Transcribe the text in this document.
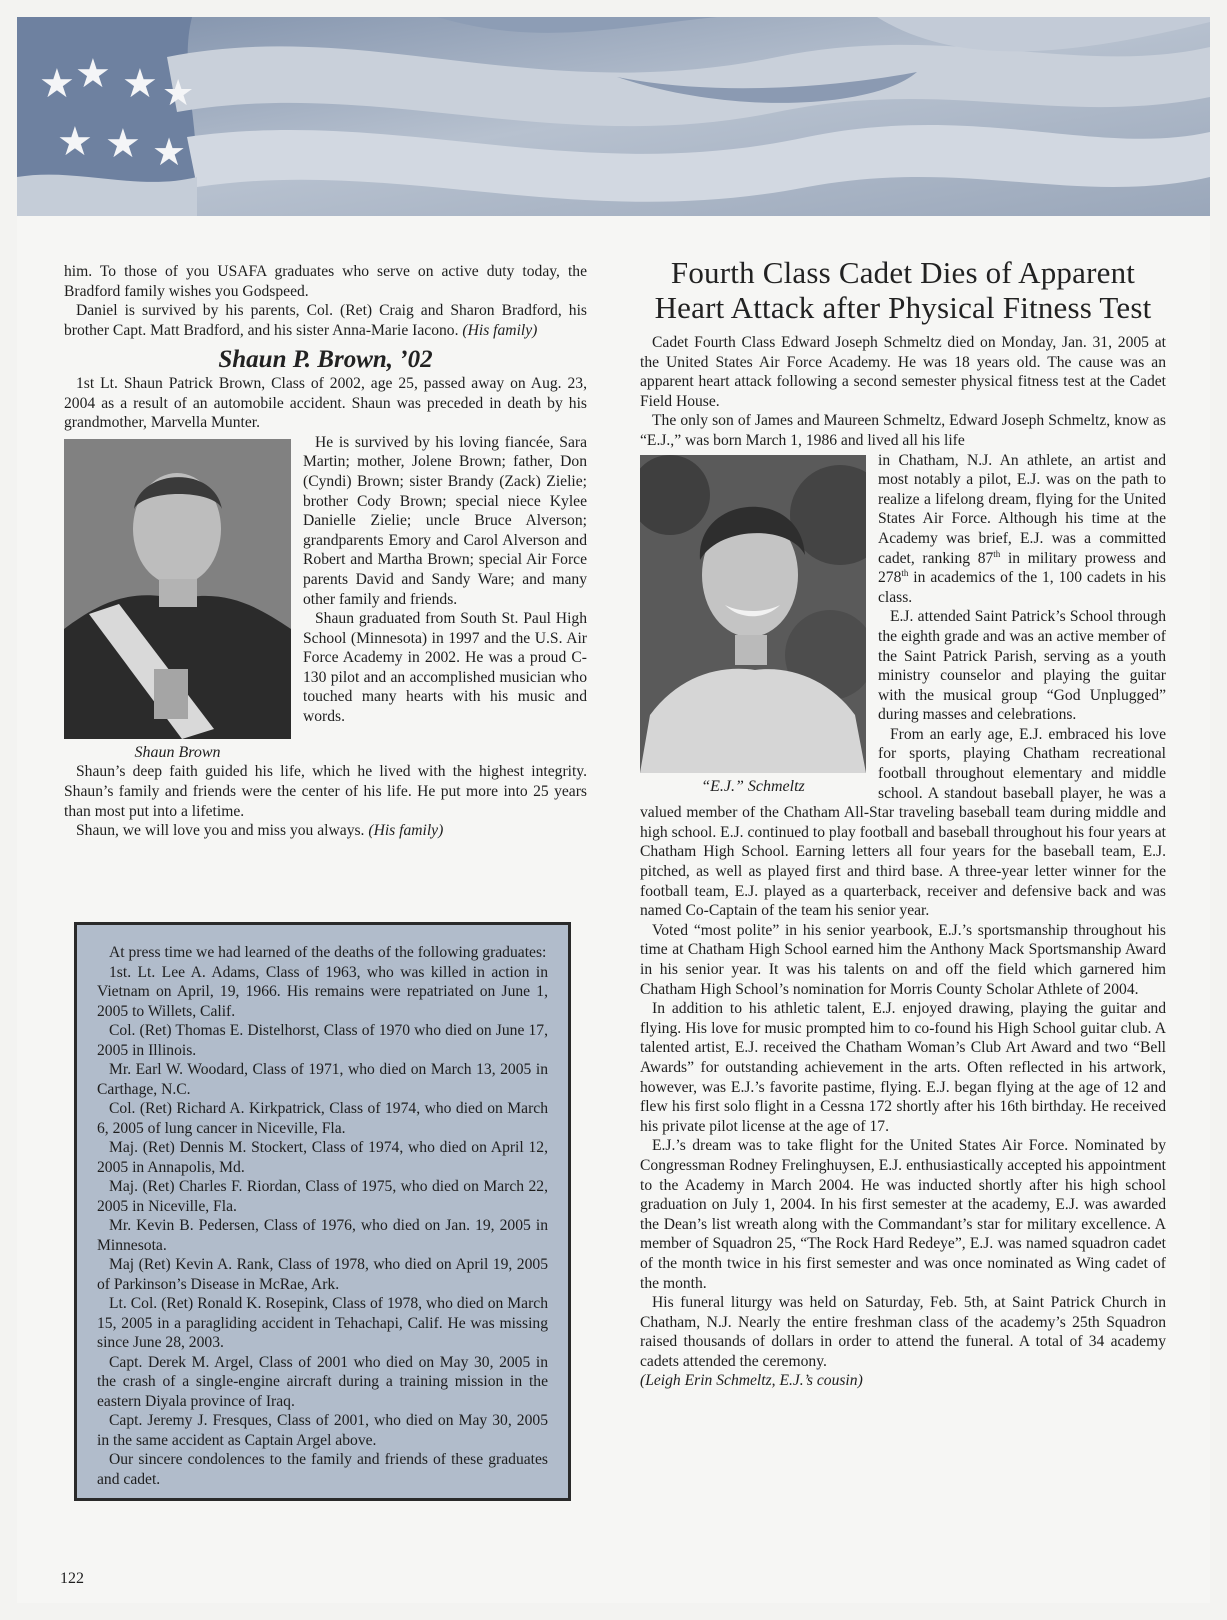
★ ★ ★ ★
★ ★ ★

him. To those of you USAFA graduates who serve on active duty today, the Bradford family wishes you Godspeed.

Daniel is survived by his parents, Col. (Ret) Craig and Sharon Bradford, his brother Capt. Matt Bradford, and his sister Anna-Marie Iacono. (His family)

Shaun P. Brown, ’02

1st Lt. Shaun Patrick Brown, Class of 2002, age 25, passed away on Aug. 23, 2004 as a result of an automobile accident. Shaun was preceded in death by his grandmother, Marvella Munter.

Shaun Brown

He is survived by his loving fiancée, Sara Martin; mother, Jolene Brown; father, Don (Cyndi) Brown; sister Brandy (Zack) Zielie; brother Cody Brown; special niece Kylee Danielle Zielie; uncle Bruce Alverson; grandparents Emory and Carol Alverson and Robert and Martha Brown; special Air Force parents David and Sandy Ware; and many other family and friends.

Shaun graduated from South St. Paul High School (Minnesota) in 1997 and the U.S. Air Force Academy in 2002. He was a proud C-130 pilot and an accomplished musician who touched many hearts with his music and words.

Shaun’s deep faith guided his life, which he lived with the highest integrity. Shaun’s family and friends were the center of his life. He put more into 25 years than most put into a lifetime.

Shaun, we will love you and miss you always. (His family)

At press time we had learned of the deaths of the following graduates:

1st. Lt. Lee A. Adams, Class of 1963, who was killed in action in Vietnam on April, 19, 1966. His remains were repatriated on June 1, 2005 to Willets, Calif.

Col. (Ret) Thomas E. Distelhorst, Class of 1970 who died on June 17, 2005 in Illinois.

Mr. Earl W. Woodard, Class of 1971, who died on March 13, 2005 in Carthage, N.C.

Col. (Ret) Richard A. Kirkpatrick, Class of 1974, who died on March 6, 2005 of lung cancer in Niceville, Fla.

Maj. (Ret) Dennis M. Stockert, Class of 1974, who died on April 12, 2005 in Annapolis, Md.

Maj. (Ret) Charles F. Riordan, Class of 1975, who died on March 22, 2005 in Niceville, Fla.

Mr. Kevin B. Pedersen, Class of 1976, who died on Jan. 19, 2005 in Minnesota.

Maj (Ret) Kevin A. Rank, Class of 1978, who died on April 19, 2005 of Parkinson’s Disease in McRae, Ark.

Lt. Col. (Ret) Ronald K. Rosepink, Class of 1978, who died on March 15, 2005 in a paragliding accident in Tehachapi, Calif. He was missing since June 28, 2003.

Capt. Derek M. Argel, Class of 2001 who died on May 30, 2005 in the crash of a single-engine aircraft during a training mission in the eastern Diyala province of Iraq.

Capt. Jeremy J. Fresques, Class of 2001, who died on May 30, 2005 in the same accident as Captain Argel above.

Our sincere condolences to the family and friends of these graduates and cadet.

Fourth Class Cadet Dies of Apparent Heart Attack after Physical Fitness Test

Cadet Fourth Class Edward Joseph Schmeltz died on Monday, Jan. 31, 2005 at the United States Air Force Academy. He was 18 years old. The cause was an apparent heart attack following a second semester physical fitness test at the Cadet Field House.

The only son of James and Maureen Schmeltz, Edward Joseph Schmeltz, know as “E.J.,” was born March 1, 1986 and lived all his life

“E.J.” Schmeltz

in Chatham, N.J. An athlete, an artist and most notably a pilot, E.J. was on the path to realize a lifelong dream, flying for the United States Air Force. Although his time at the Academy was brief, E.J. was a committed cadet, ranking 87th in military prowess and 278th in academics of the 1, 100 cadets in his class.

E.J. attended Saint Patrick’s School through the eighth grade and was an active member of the Saint Patrick Parish, serving as a youth ministry counselor and playing the guitar with the musical group “God Unplugged” during masses and celebrations.

From an early age, E.J. embraced his love for sports, playing Chatham recreational football throughout elementary and middle school. A standout baseball player, he was a valued member of the Chatham All-Star traveling baseball team during middle and high school. E.J. continued to play football and baseball throughout his four years at Chatham High School. Earning letters all four years for the baseball team, E.J. pitched, as well as played first and third base. A three-year letter winner for the football team, E.J. played as a quarterback, receiver and defensive back and was named Co-Captain of the team his senior year.

Voted “most polite” in his senior yearbook, E.J.’s sportsmanship throughout his time at Chatham High School earned him the Anthony Mack Sportsmanship Award in his senior year. It was his talents on and off the field which garnered him Chatham High School’s nomination for Morris County Scholar Athlete of 2004.

In addition to his athletic talent, E.J. enjoyed drawing, playing the guitar and flying. His love for music prompted him to co-found his High School guitar club. A talented artist, E.J. received the Chatham Woman’s Club Art Award and two “Bell Awards” for outstanding achievement in the arts. Often reflected in his artwork, however, was E.J.’s favorite pastime, flying. E.J. began flying at the age of 12 and flew his first solo flight in a Cessna 172 shortly after his 16th birthday. He received his private pilot license at the age of 17.

E.J.’s dream was to take flight for the United States Air Force. Nominated by Congressman Rodney Frelinghuysen, E.J. enthusiastically accepted his appointment to the Academy in March 2004. He was inducted shortly after his high school graduation on July 1, 2004. In his first semester at the academy, E.J. was awarded the Dean’s list wreath along with the Commandant’s star for military excellence. A member of Squadron 25, “The Rock Hard Redeye”, E.J. was named squadron cadet of the month twice in his first semester and was once nominated as Wing cadet of the month.

His funeral liturgy was held on Saturday, Feb. 5th, at Saint Patrick Church in Chatham, N.J. Nearly the entire freshman class of the academy’s 25th Squadron raised thousands of dollars in order to attend the funeral. A total of 34 academy cadets attended the ceremony.

(Leigh Erin Schmeltz, E.J.’s cousin)

122
